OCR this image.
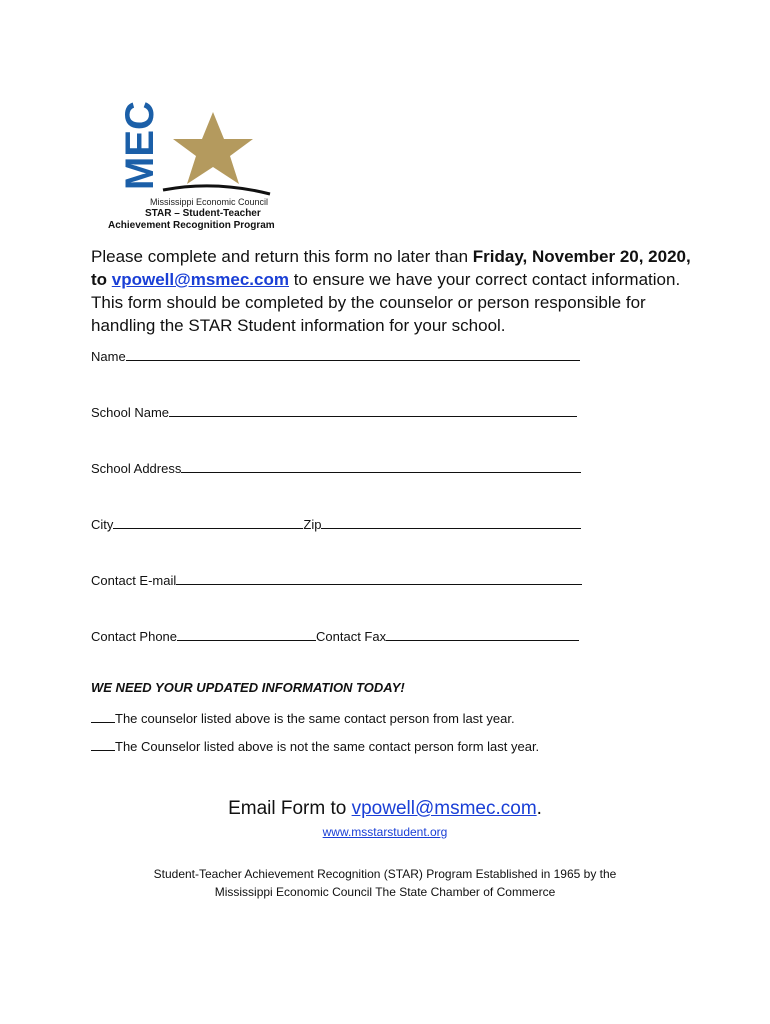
MEC
Mississippi Economic Council
STAR – Student-Teacher
Achievement Recognition Program
Please complete and return this form no later than Friday, November 20, 2020, to vpowell@msmec.com to ensure we have your correct contact information. This form should be completed by the counselor or person responsible for handling the STAR Student information for your school.
Name
School Name
School Address
City	Zip
Contact E-mail
Contact Phone	Contact Fax
WE NEED YOUR UPDATED INFORMATION TODAY!
The counselor listed above is the same contact person from last year.
The Counselor listed above is not the same contact person form last year.
Email Form to vpowell@msmec.com.
www.msstarstudent.org
Student-Teacher Achievement Recognition (STAR) Program Established in 1965 by the
Mississippi Economic Council The State Chamber of Commerce
